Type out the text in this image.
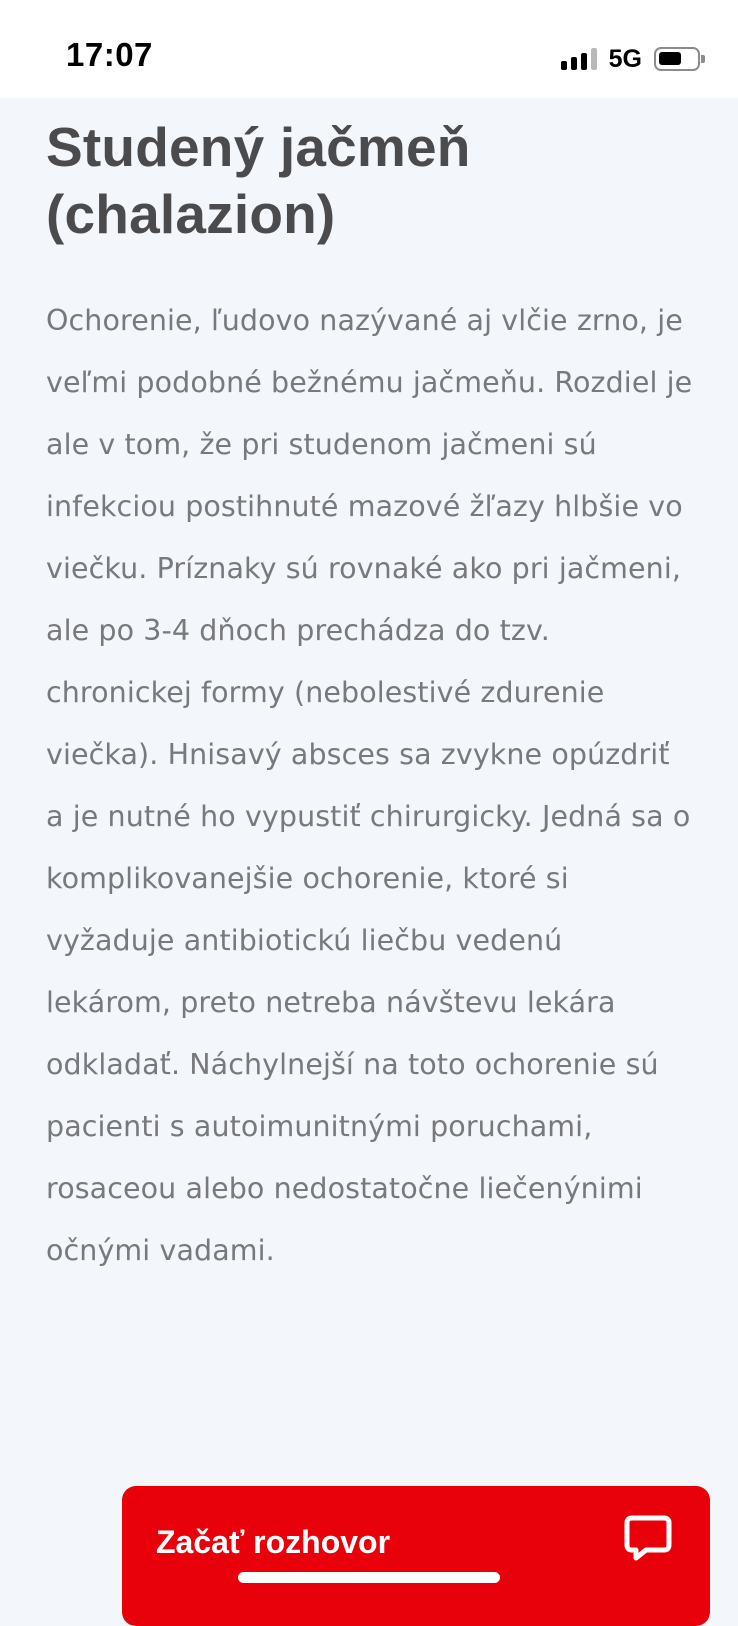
17:07	5G
Studený jačmeň (chalazion)

Ochorenie, ľudovo nazývané aj vlčie zrno, je veľmi podobné bežnému jačmeňu. Rozdiel je ale v tom, že pri studenom jačmeni sú infekciou postihnuté mazové žľazy hlbšie vo viečku. Príznaky sú rovnaké ako pri jačmeni, ale po 3-4 dňoch prechádza do tzv. chronickej formy (nebolestivé zdurenie viečka). Hnisavý absces sa zvykne opúzdriť a je nutné ho vypustiť chirurgicky. Jedná sa o komplikovanejšie ochorenie, ktoré si vyžaduje antibiotickú liečbu vedenú lekárom, preto netreba návštevu lekára odkladať. Náchylnejší na toto ochorenie sú pacienti s autoimunitnými poruchami, rosaceou alebo nedostatočne liečenýnimi očnými vadami.

Začať rozhovor
